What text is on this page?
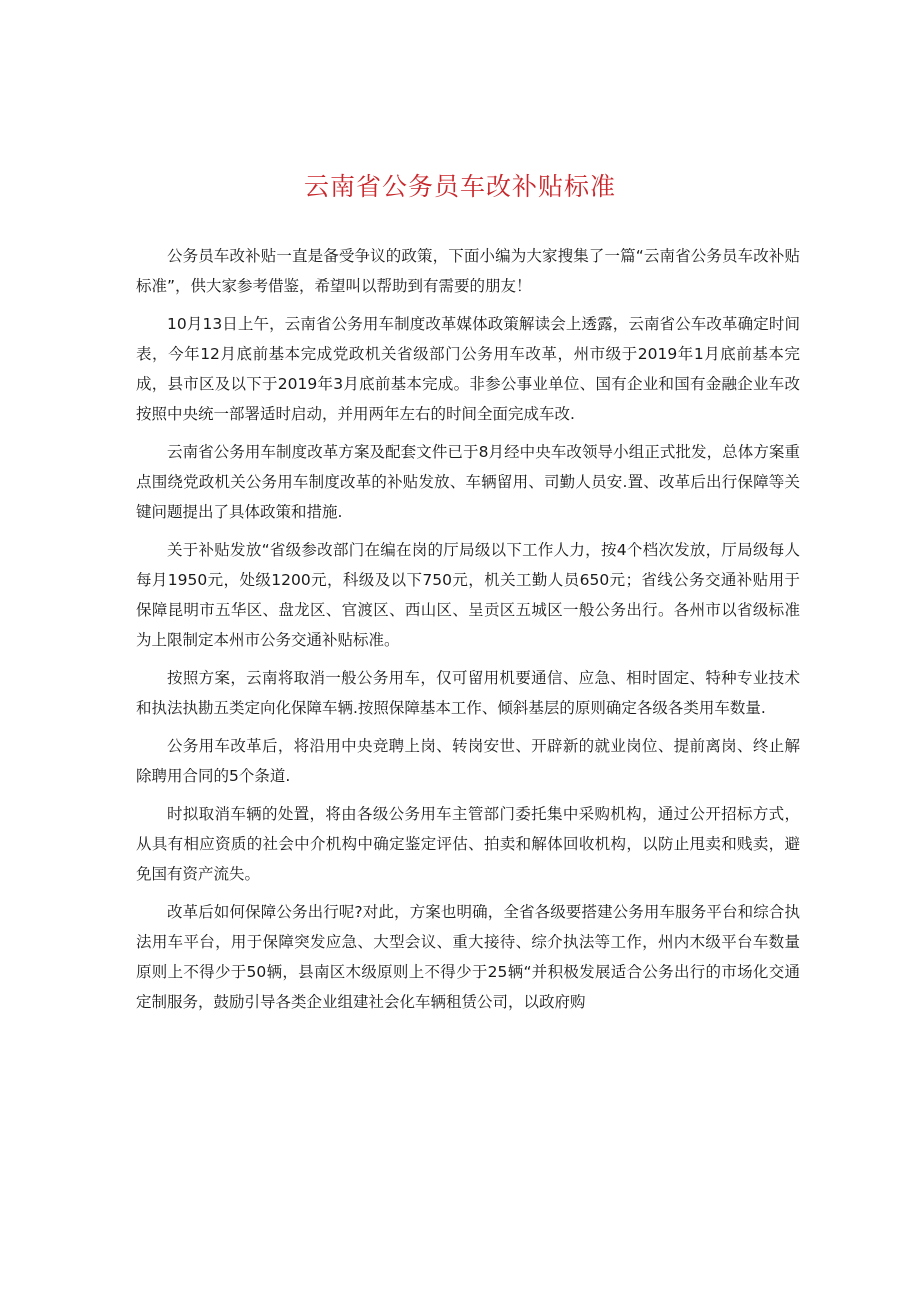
云南省公务员车改补贴标准

公务员车改补贴一直是备受争议的政策，下面小编为大家搜集了一篇“云南省公务员车改补贴标准”，供大家参考借鉴，希望叫以帮助到有需要的朋友！

10月13日上午，云南省公务用车制度改革媒体政策解读会上透露，云南省公车改革确定时间表，今年12月底前基本完成党政机关省级部门公务用车改革，州市级于2019年1月底前基本完成，县市区及以下于2019年3月底前基本完成。非参公事业单位、国有企业和国有金融企业车改按照中央统一部署适时启动，并用两年左右的时间全面完成车改.

云南省公务用车制度改革方案及配套文件已于8月经中央车改领导小组正式批发，总体方案重点围绕党政机关公务用车制度改革的补贴发放、车辆留用、司勤人员安.置、改革后出行保障等关键问题提出了具体政策和措施.

关于补贴发放“省级参改部门在编在岗的厅局级以下工作人力，按4个档次发放，厅局级每人每月1950元，处级1200元，科级及以下750元，机关工勤人员650元；省线公务交通补贴用于保障昆明市五华区、盘龙区、官渡区、西山区、呈贡区五城区一般公务出行。各州市以省级标准为上限制定本州市公务交通补贴标准。

按照方案，云南将取消一般公务用车，仅可留用机要通信、应急、相时固定、特种专业技术和执法执勘五类定向化保障车辆.按照保障基本工作、倾斜基层的原则确定各级各类用车数量.

公务用车改革后，将沿用中央竞聘上岗、转岗安世、开辟新的就业岗位、提前离岗、终止解除聘用合同的5个条道.

时拟取消车辆的处置，将由各级公务用车主管部门委托集中采购机构，通过公开招标方式，从具有相应资质的社会中介机构中确定鉴定评估、拍卖和解体回收机构，以防止甩卖和贱卖，避免国有资产流失。

改革后如何保障公务出行呢?对此，方案也明确，全省各级要搭建公务用车服务平台和综合执法用车平台，用于保障突发应急、大型会议、重大接待、综介执法等工作，州内木级平台车数量原则上不得少于50辆，县南区木级原则上不得少于25辆“并积极发展适合公务出行的市场化交通定制服务，鼓励引导各类企业组建社会化车辆租赁公司，以政府购
